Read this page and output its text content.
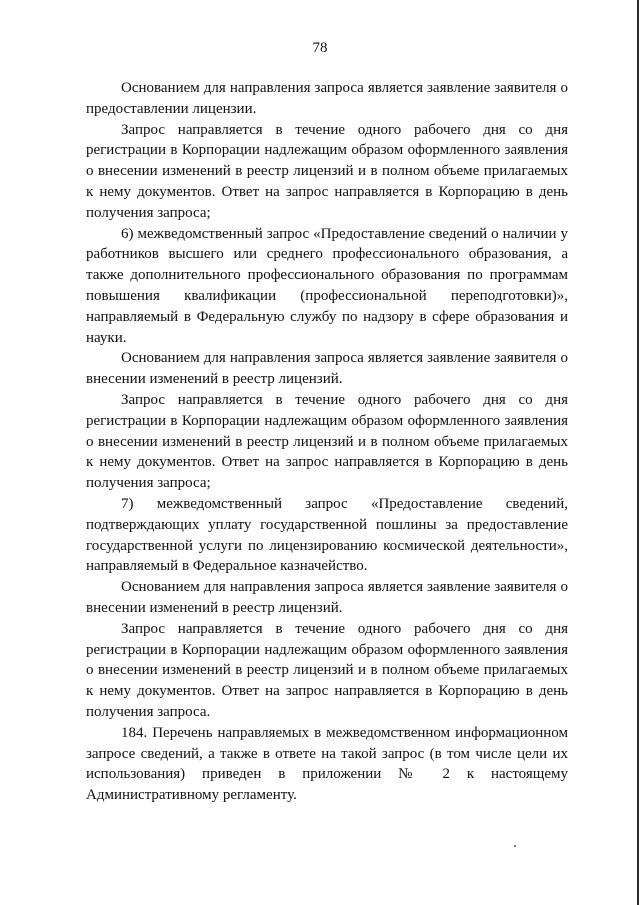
78

Основанием для направления запроса является заявление заявителя о предоставлении лицензии.

Запрос направляется в течение одного рабочего дня со дня регистрации в Корпорации надлежащим образом оформленного заявления о внесении изменений в реестр лицензий и в полном объеме прилагаемых к нему документов. Ответ на запрос направляется в Корпорацию в день получения запроса;

6) межведомственный запрос «Предоставление сведений о наличии у работников высшего или среднего профессионального образования, а также дополнительного профессионального образования по программам повышения квалификации (профессиональной переподготовки)», направляемый в Федеральную службу по надзору в сфере образования и науки.

Основанием для направления запроса является заявление заявителя о внесении изменений в реестр лицензий.

Запрос направляется в течение одного рабочего дня со дня регистрации в Корпорации надлежащим образом оформленного заявления о внесении изменений в реестр лицензий и в полном объеме прилагаемых к нему документов. Ответ на запрос направляется в Корпорацию в день получения запроса;

7) межведомственный запрос «Предоставление сведений, подтверждающих уплату государственной пошлины за предоставление государственной услуги по лицензированию космической деятельности», направляемый в Федеральное казначейство.

Основанием для направления запроса является заявление заявителя о внесении изменений в реестр лицензий.

Запрос направляется в течение одного рабочего дня со дня регистрации в Корпорации надлежащим образом оформленного заявления о внесении изменений в реестр лицензий и в полном объеме прилагаемых к нему документов. Ответ на запрос направляется в Корпорацию в день получения запроса.

184. Перечень направляемых в межведомственном информационном запросе сведений, а также в ответе на такой запрос (в том числе цели их использования) приведен в приложении № 2 к настоящему Административному регламенту.
